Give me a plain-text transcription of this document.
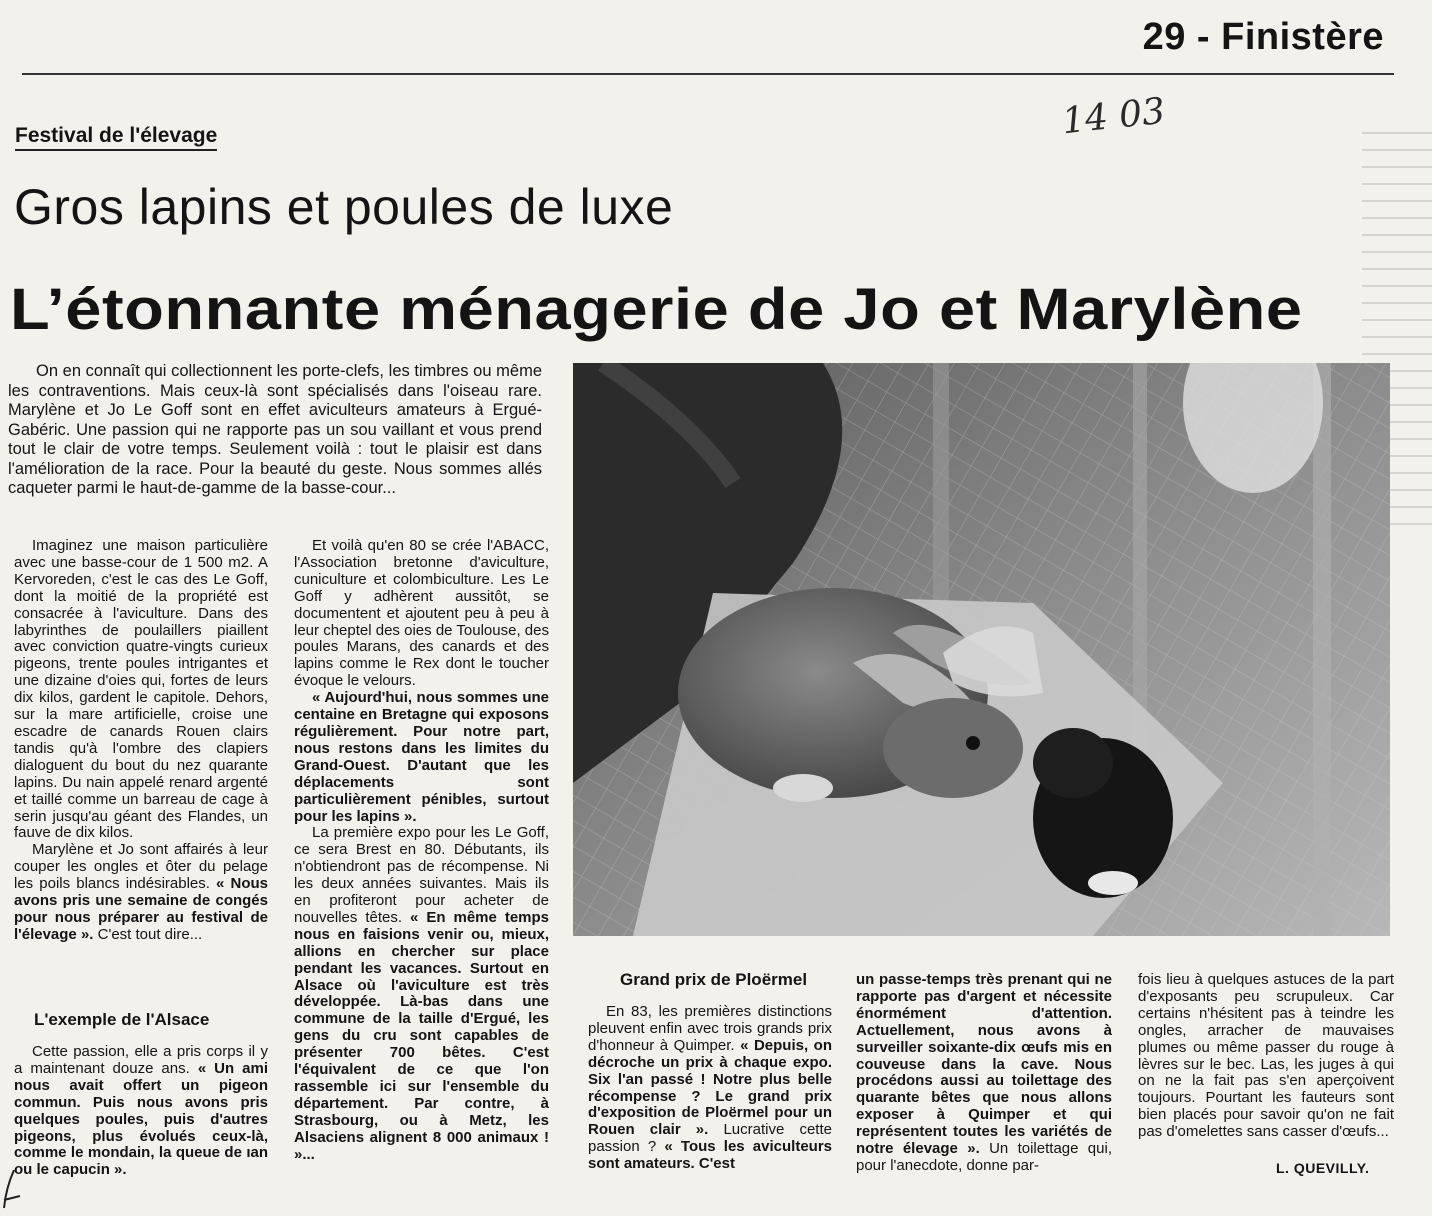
29 - Finistère
14 03
Festival de l'élevage
Gros lapins et poules de luxe
L’étonnante ménagerie de Jo et Marylène

On en connaît qui collectionnent les porte-clefs, les timbres ou même les contraventions. Mais ceux-là sont spécialisés dans l'oiseau rare. Marylène et Jo Le Goff sont en effet aviculteurs amateurs à Ergué-Gabéric. Une passion qui ne rapporte pas un sou vaillant et vous prend tout le clair de votre temps. Seulement voilà : tout le plaisir est dans l'amélioration de la race. Pour la beauté du geste. Nous sommes allés caqueter parmi le haut-de-gamme de la basse-cour...

Imaginez une maison particulière avec une basse-cour de 1 500 m2. A Kervoreden, c'est le cas des Le Goff, dont la moitié de la propriété est consacrée à l'aviculture. Dans des labyrinthes de poulaillers piaillent avec conviction quatre-vingts curieux pigeons, trente poules intrigantes et une dizaine d'oies qui, fortes de leurs dix kilos, gardent le capitole. Dehors, sur la mare artificielle, croise une escadre de canards Rouen clairs tandis qu'à l'ombre des clapiers dialoguent du bout du nez quarante lapins. Du nain appelé renard argenté et taillé comme un barreau de cage à serin jusqu'au géant des Flandes, un fauve de dix kilos.

Marylène et Jo sont affairés à leur couper les ongles et ôter du pelage les poils blancs indésirables. « Nous avons pris une semaine de congés pour nous préparer au festival de l'élevage ». C'est tout dire...

L'exemple de l'Alsace

Cette passion, elle a pris corps il y a maintenant douze ans. « Un ami nous avait offert un pigeon commun. Puis nous avons pris quelques poules, puis d'autres pigeons, plus évolués ceux-là, comme le mondain, la queue de ıan ou le capucin ».

Et voilà qu'en 80 se crée l'ABACC, l'Association bretonne d'aviculture, cuniculture et colombiculture. Les Le Goff y adhèrent aussitôt, se documentent et ajoutent peu à peu à leur cheptel des oies de Toulouse, des poules Marans, des canards et des lapins comme le Rex dont le toucher évoque le velours.

« Aujourd'hui, nous sommes une centaine en Bretagne qui exposons régulièrement. Pour notre part, nous restons dans les limites du Grand-Ouest. D'autant que les déplacements sont particulièrement pénibles, surtout pour les lapins ».

La première expo pour les Le Goff, ce sera Brest en 80. Débutants, ils n'obtiendront pas de récompense. Ni les deux années suivantes. Mais ils en profiteront pour acheter de nouvelles têtes. « En même temps nous en faisions venir ou, mieux, allions en chercher sur place pendant les vacances. Surtout en Alsace où l'aviculture est très développée. Là-bas dans une commune de la taille d'Ergué, les gens du cru sont capables de présenter 700 bêtes. C'est l'équivalent de ce que l'on rassemble ici sur l'ensemble du département. Par contre, à Strasbourg, ou à Metz, les Alsaciens alignent 8 000 animaux ! »...

Grand prix de Ploërmel

En 83, les premières distinctions pleuvent enfin avec trois grands prix d'honneur à Quimper. « Depuis, on décroche un prix à chaque expo. Six l'an passé ! Notre plus belle récompense ? Le grand prix d'exposition de Ploërmel pour un Rouen clair ». Lucrative cette passion ? « Tous les aviculteurs sont amateurs. C'est

un passe-temps très prenant qui ne rapporte pas d'argent et nécessite énormément d'attention. Actuellement, nous avons à surveiller soixante-dix œufs mis en couveuse dans la cave. Nous procédons aussi au toilettage des quarante bêtes que nous allons exposer à Quimper et qui représentent toutes les variétés de notre élevage ». Un toilettage qui, pour l'anecdote, donne par-

fois lieu à quelques astuces de la part d'exposants peu scrupuleux. Car certains n'hésitent pas à teindre les ongles, arracher de mauvaises plumes ou même passer du rouge à lèvres sur le bec. Las, les juges à qui on ne la fait pas s'en aperçoivent toujours. Pourtant les fauteurs sont bien placés pour savoir qu'on ne fait pas d'omelettes sans casser d'œufs...

L. QUEVILLY.
